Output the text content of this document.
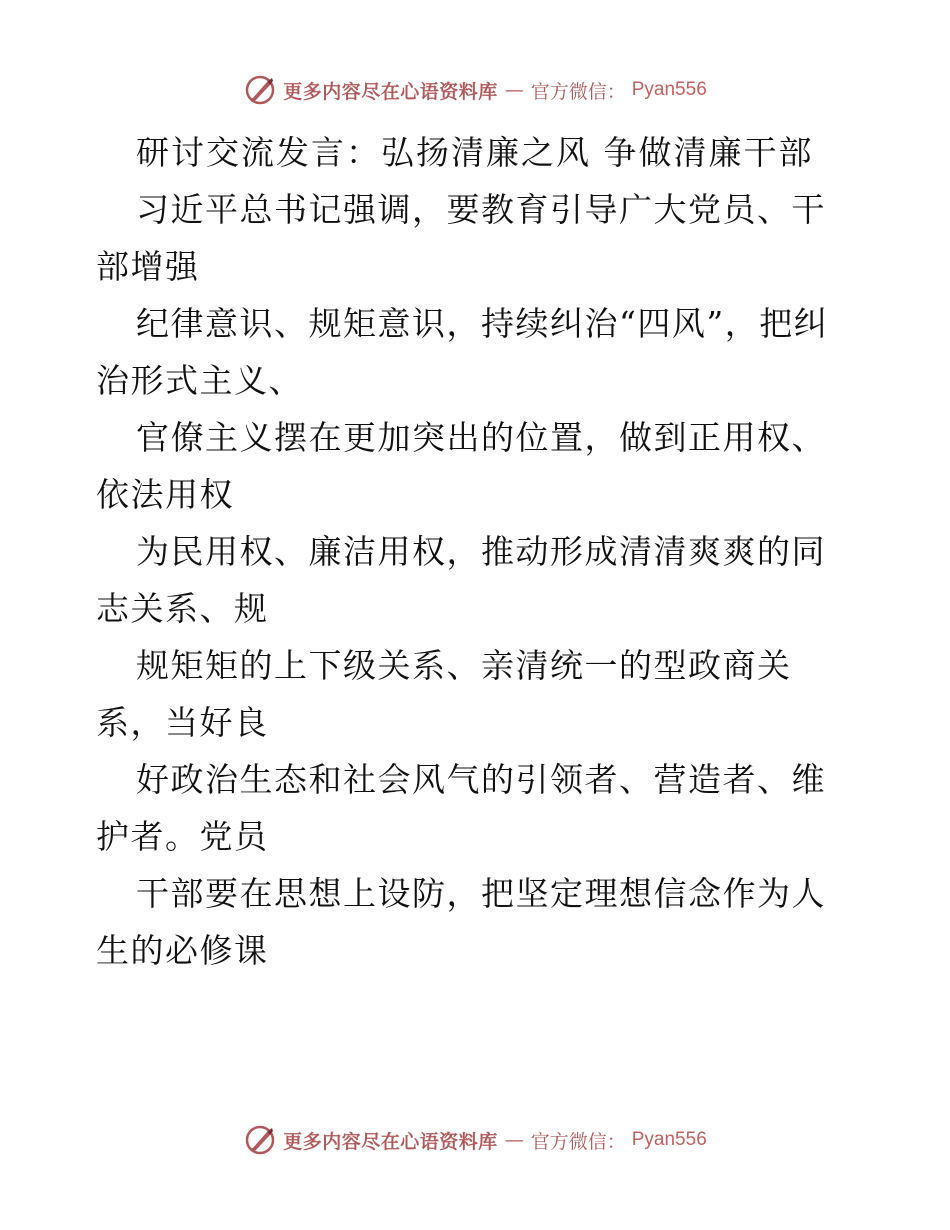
更多内容尽在心语资料库 — 官方微信： Pyan556

研讨交流发言：弘扬清廉之风 争做清廉干部

习近平总书记强调，要教育引导广大党员、干部增强

纪律意识、规矩意识，持续纠治“四风”，把纠治形式主义、

官僚主义摆在更加突出的位置，做到正用权、依法用权

为民用权、廉洁用权，推动形成清清爽爽的同志关系、规

规矩矩的上下级关系、亲清统一的型政商关系，当好良

好政治生态和社会风气的引领者、营造者、维护者。党员

干部要在思想上设防，把坚定理想信念作为人生的必修课

更多内容尽在心语资料库 — 官方微信： Pyan556
